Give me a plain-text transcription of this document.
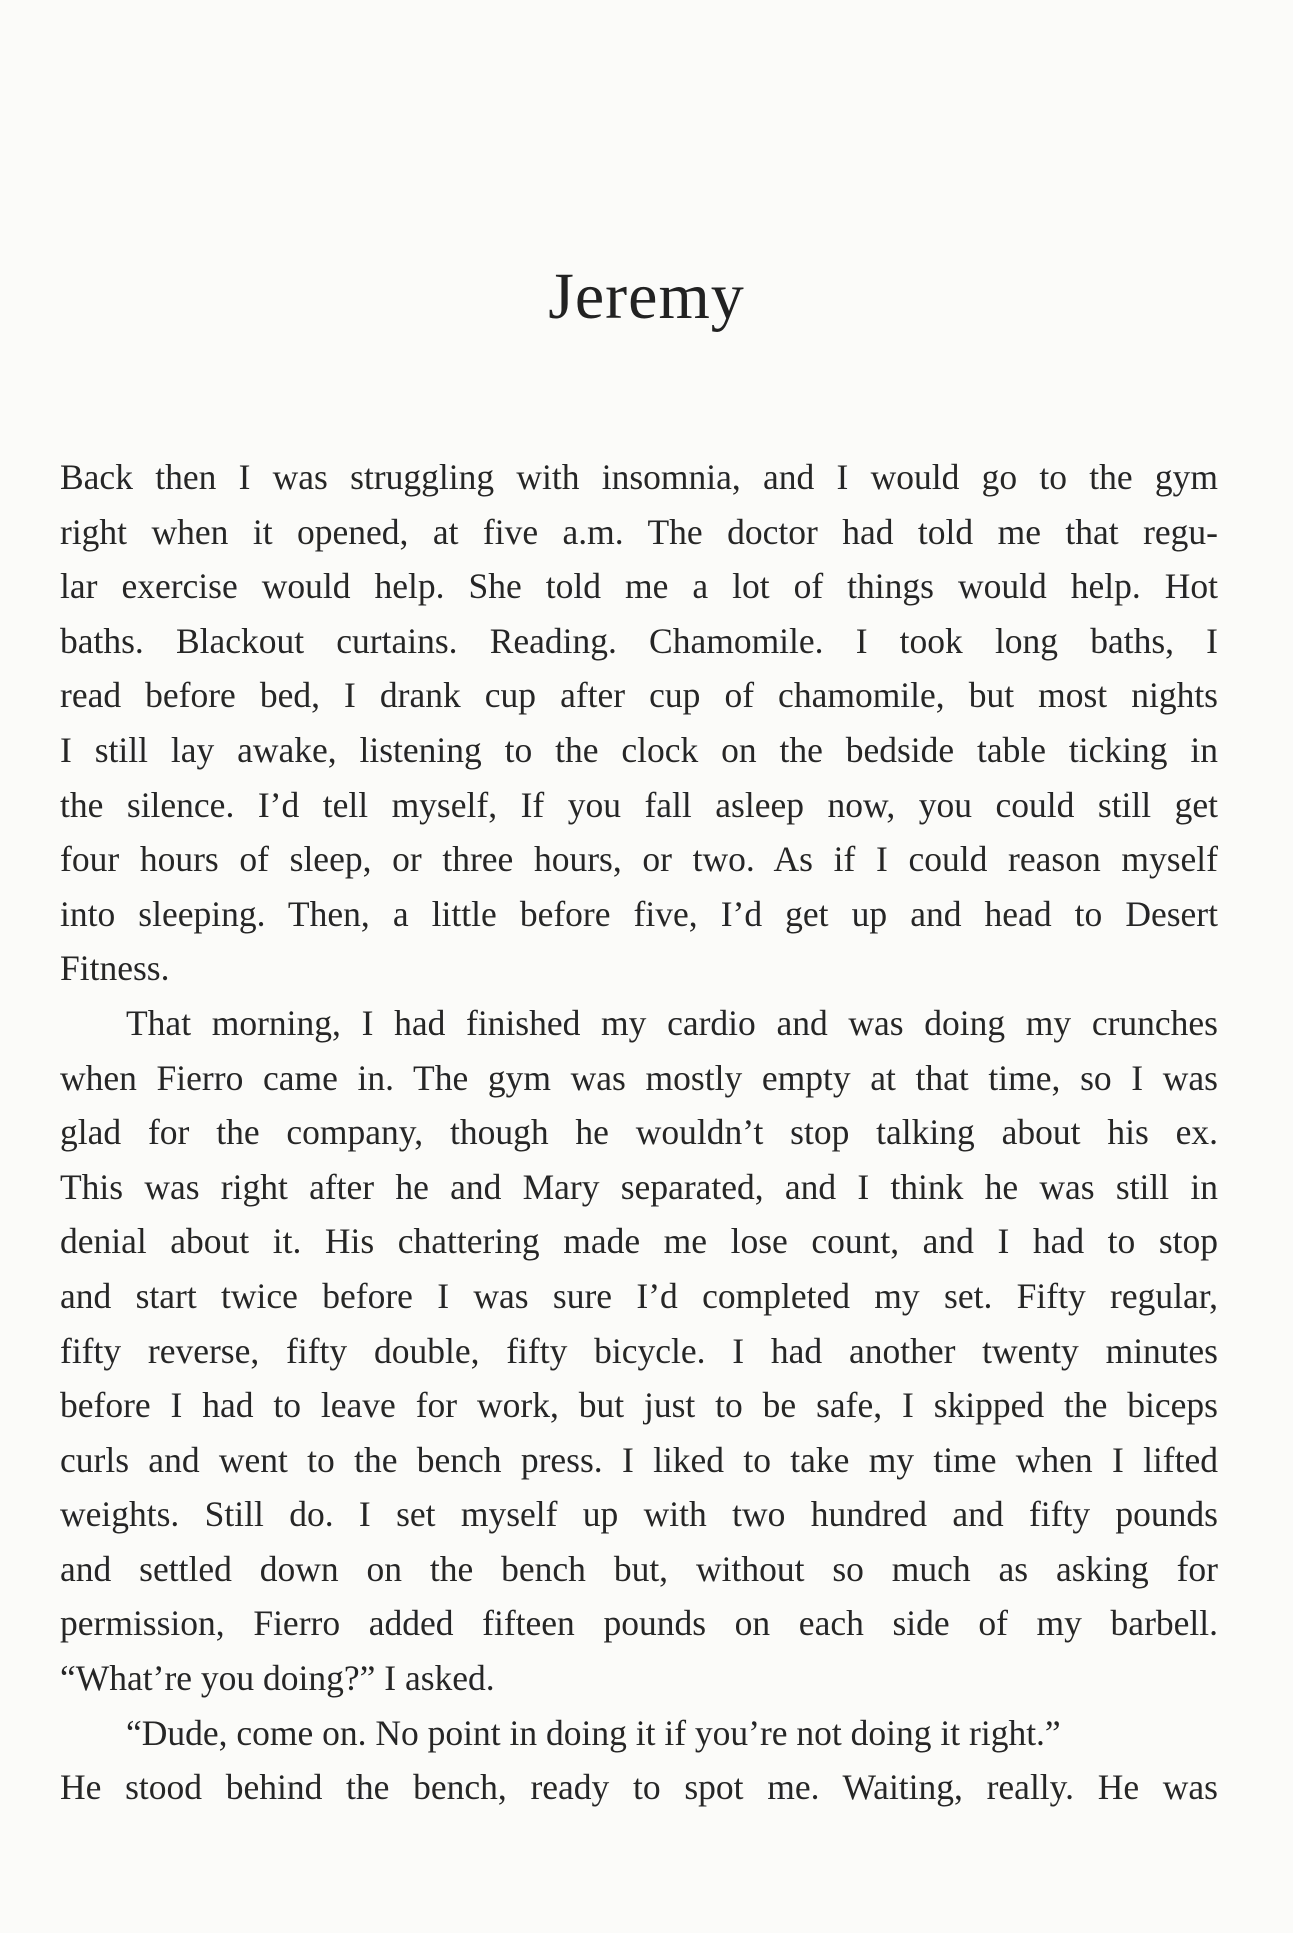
Jeremy
Back then I was struggling with insomnia, and I would go to the gym
right when it opened, at five a.m. The doctor had told me that regu-
lar exercise would help. She told me a lot of things would help. Hot
baths. Blackout curtains. Reading. Chamomile. I took long baths, I
read before bed, I drank cup after cup of chamomile, but most nights
I still lay awake, listening to the clock on the bedside table ticking in
the silence. I’d tell myself, If you fall asleep now, you could still get
four hours of sleep, or three hours, or two. As if I could reason myself
into sleeping. Then, a little before five, I’d get up and head to Desert
Fitness.
That morning, I had finished my cardio and was doing my crunches
when Fierro came in. The gym was mostly empty at that time, so I was
glad for the company, though he wouldn’t stop talking about his ex.
This was right after he and Mary separated, and I think he was still in
denial about it. His chattering made me lose count, and I had to stop
and start twice before I was sure I’d completed my set. Fifty regular,
fifty reverse, fifty double, fifty bicycle. I had another twenty minutes
before I had to leave for work, but just to be safe, I skipped the biceps
curls and went to the bench press. I liked to take my time when I lifted
weights. Still do. I set myself up with two hundred and fifty pounds
and settled down on the bench but, without so much as asking for
permission, Fierro added fifteen pounds on each side of my barbell.
“What’re you doing?” I asked.
“Dude, come on. No point in doing it if you’re not doing it right.”
He stood behind the bench, ready to spot me. Waiting, really. He was
